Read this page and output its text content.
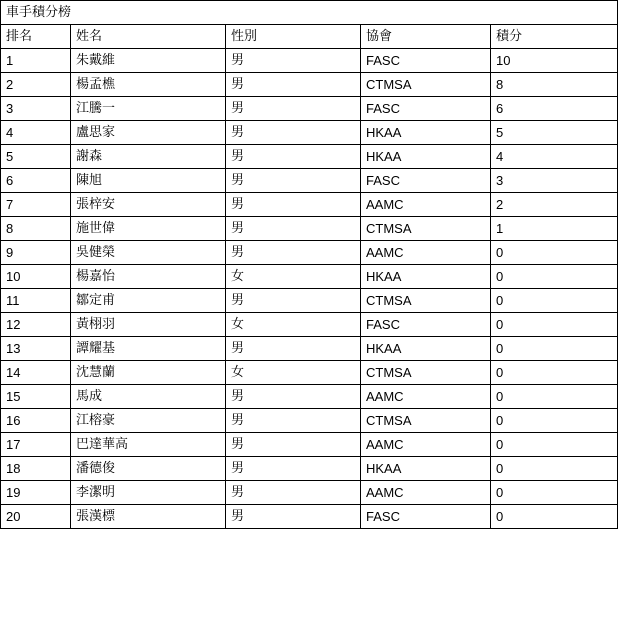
車手積分榜				
排名	姓名	性別	協會	積分
1	朱戴維	男	FASC	10
2	楊孟樵	男	CTMSA	8
3	江騰一	男	FASC	6
4	盧思家	男	HKAA	5
5	謝森	男	HKAA	4
6	陳旭	男	FASC	3
7	張梓安	男	AAMC	2
8	施世偉	男	CTMSA	1
9	吳健榮	男	AAMC	0
10	楊嘉怡	女	HKAA	0
11	鄒定甫	男	CTMSA	0
12	黃栩羽	女	FASC	0
13	譚耀基	男	HKAA	0
14	沈慧蘭	女	CTMSA	0
15	馬成	男	AAMC	0
16	江榕豪	男	CTMSA	0
17	巴達華高	男	AAMC	0
18	潘德俊	男	HKAA	0
19	李潔明	男	AAMC	0
20	張漢標	男	FASC	0
